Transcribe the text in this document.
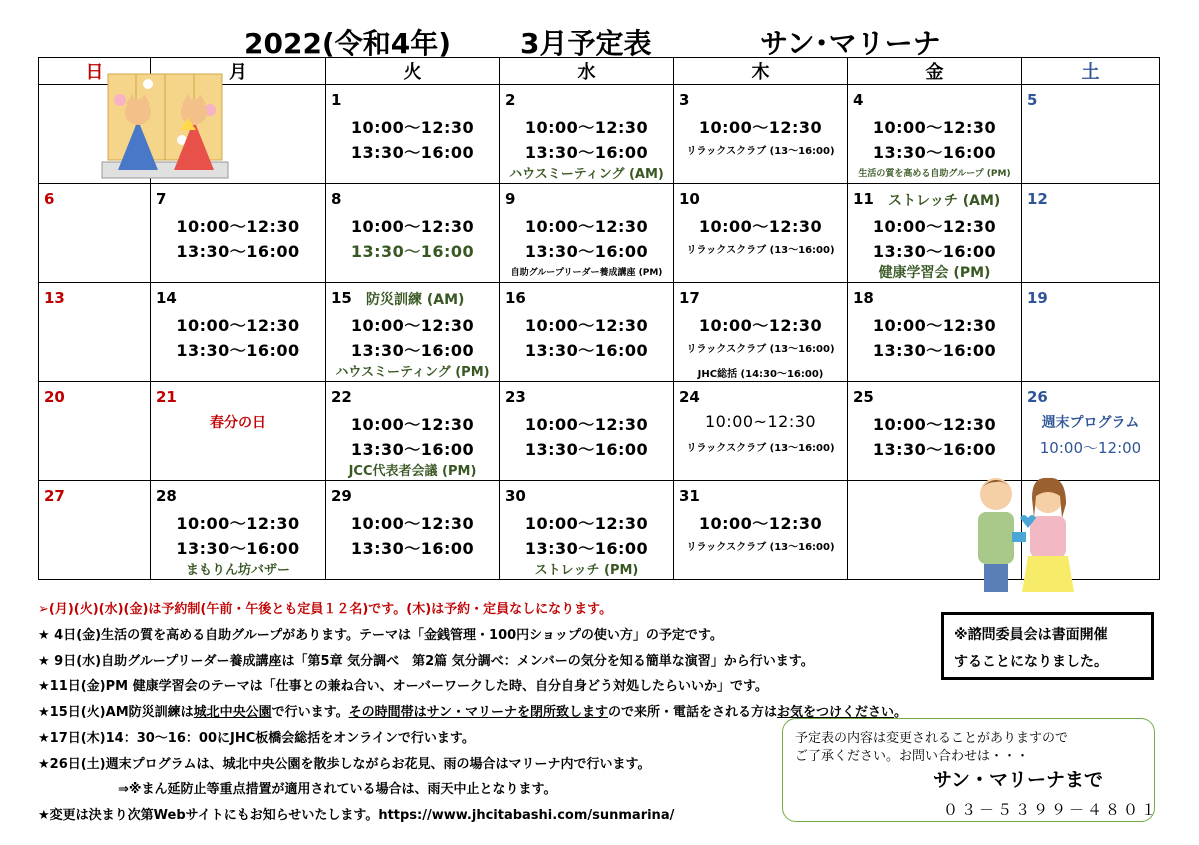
2022(令和4年) 3月予定表	サン･マリーナ
日	月	火	水	木	金	土

		1
10:00～12:30
13:30～16:00	2
10:00～12:30
13:30～16:00
ハウスミーティング (AM)	3
10:00～12:30
リラックスクラブ (13～16:00)	4
10:00～12:30
13:30～16:00
生活の質を高める自助グループ (PM)	5

6	7
10:00～12:30
13:30～16:00	8
10:00～12:30
13:30～16:00	9
10:00～12:30
13:30～16:00
自助グループリーダー養成講座 (PM)	10
10:00～12:30
リラックスクラブ (13～16:00)	11 ストレッチ (AM)
10:00～12:30
13:30～16:00
健康学習会 (PM)	12

13	14
10:00～12:30
13:30～16:00	15 防災訓練 (AM)
10:00～12:30
13:30～16:00
ハウスミーティング (PM)	16
10:00～12:30
13:30～16:00	17
10:00～12:30
リラックスクラブ (13～16:00)
JHC総括 (14:30～16:00)	18
10:00～12:30
13:30～16:00	19

20	21
春分の日	22
10:00～12:30
13:30～16:00
JCC代表者会議 (PM)	23
10:00～12:30
13:30～16:00	24
10:00~12:30
リラックスクラブ (13～16:00)	25
10:00～12:30
13:30～16:00	26
週末プログラム
10:00～12:00

27	28
10:00～12:30
13:30～16:00
まもりん坊バザー	29
10:00～12:30
13:30～16:00	30
10:00～12:30
13:30～16:00
ストレッチ (PM)	31
10:00～12:30
リラックスクラブ (13～16:00)		

➢(月)(火)(水)(金)は予約制(午前・午後とも定員１２名)です。(木)は予約・定員なしになります。
★ 4日(金)生活の質を高める自助グループがあります。テーマは「金銭管理・100円ショップの使い方」の予定です。
★ 9日(水)自助グループリーダー養成講座は「第5章 気分調べ　第2篇 気分調べ：メンバーの気分を知る簡単な演習」から行います。
★11日(金)PM 健康学習会のテーマは「仕事との兼ね合い、オーバーワークした時、自分自身どう対処したらいいか」です。
★15日(火)AM防災訓練は城北中央公園で行います。その時間帯はサン・マリーナを閉所致しますので来所・電話をされる方はお気をつけください。
★17日(木)14：30～16：00にJHC板橋会総括をオンラインで行います。
★26日(土)週末プログラムは、城北中央公園を散歩しながらお花見、雨の場合はマリーナ内で行います。
⇒※まん延防止等重点措置が適用されている場合は、雨天中止となります。
★変更は決まり次第Webサイトにもお知らせいたします。https://www.jhcitabashi.com/sunmarina/
※諮問委員会は書面開催
することになりました。
予定表の内容は変更されることがありますので
ご了承ください。お問い合わせは・・・
サン・マリーナまで
０３－５３９９－４８０１
